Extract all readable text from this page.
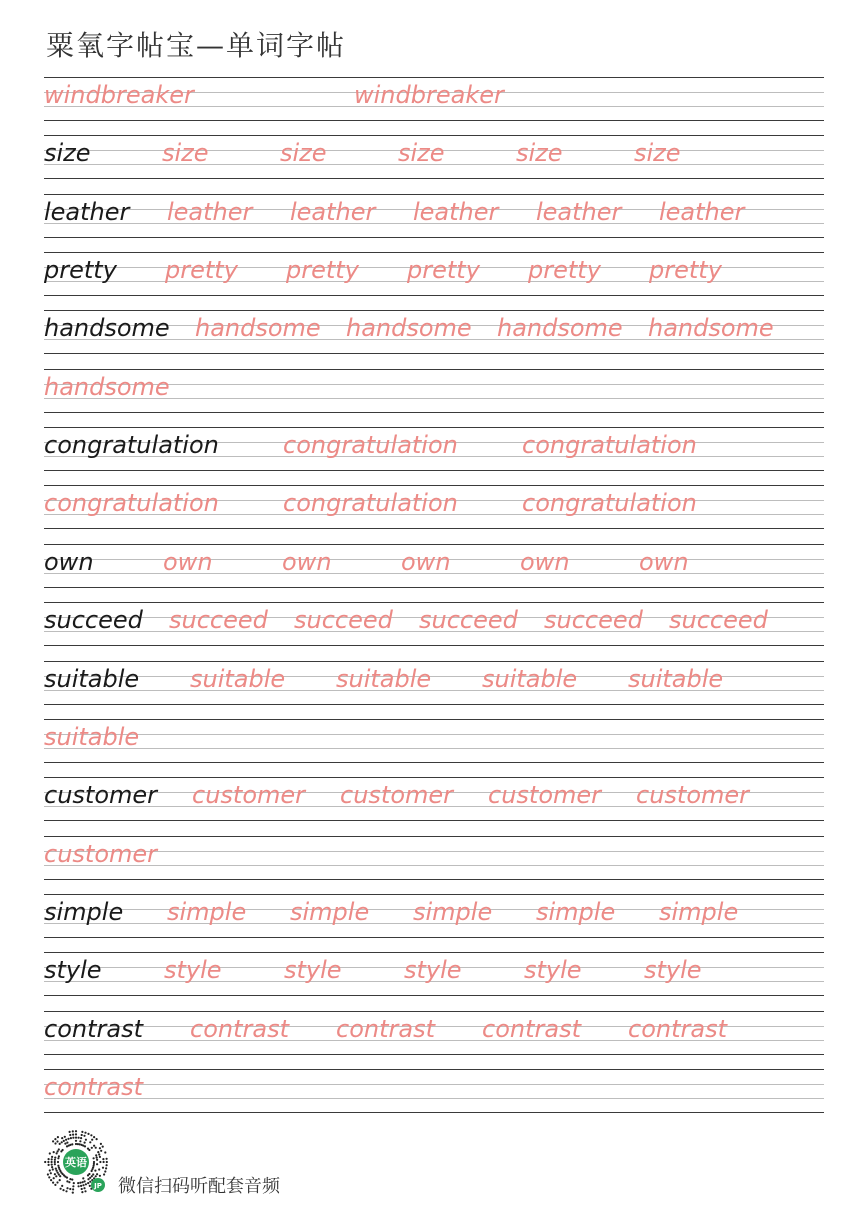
粟氧字帖宝—单词字帖
windbreaker	windbreaker
size	size	size	size	size	size
leather leather leather leather leather leather
pretty pretty pretty pretty pretty pretty
handsome handsome handsome handsome handsome
handsome
congratulation	congratulation	congratulation
congratulation	congratulation	congratulation
own	own	own	own	own	own
succeed succeed succeed succeed succeed succeed
suitable suitable suitable suitable suitable
suitable
customer customer customer customer customer
customer
simple simple simple simple simple simple
style	style	style	style	style	style
contrast contrast contrast contrast contrast
contrast
英语
JP 微信扫码听配套音频
